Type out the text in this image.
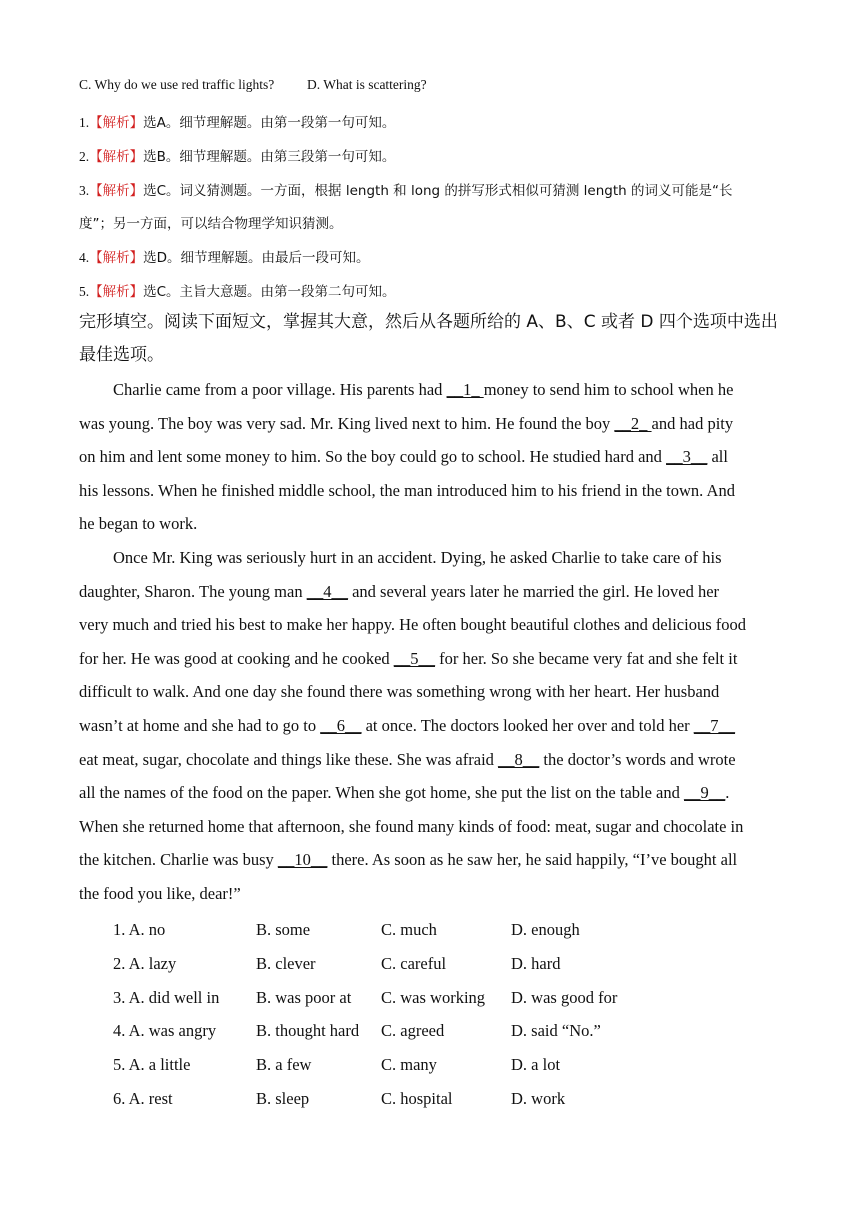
C. Why do we use red traffic lights? D. What is scattering?
1.【解析】选A。细节理解题。由第一段第一句可知。
2.【解析】选B。细节理解题。由第三段第一句可知。
3.【解析】选C。词义猜测题。一方面，根据 length 和 long 的拼写形式相似可猜测 length 的词义可能是“长
度”；另一方面，可以结合物理学知识猜测。
4.【解析】选D。细节理解题。由最后一段可知。
5.【解析】选C。主旨大意题。由第一段第二句可知。
完形填空。阅读下面短文，掌握其大意，然后从各题所给的 A、B、C 或者 D 四个选项中选出
最佳选项。
Charlie came from a poor village. His parents had __1_ money to send him to school when he
was young. The boy was very sad. Mr. King lived next to him. He found the boy __2_ and had pity
on him and lent some money to him. So the boy could go to school. He studied hard and __3__ all
his lessons. When he finished middle school, the man introduced him to his friend in the town. And
he began to work.
Once Mr. King was seriously hurt in an accident. Dying, he asked Charlie to take care of his
daughter, Sharon. The young man __4__ and several years later he married the girl. He loved her
very much and tried his best to make her happy. He often bought beautiful clothes and delicious food
for her. He was good at cooking and he cooked __5__ for her. So she became very fat and she felt it
difficult to walk. And one day she found there was something wrong with her heart. Her husband
wasn’t at home and she had to go to __6__ at once. The doctors looked her over and told her __7__
eat meat, sugar, chocolate and things like these. She was afraid __8__ the doctor’s words and wrote
all the names of the food on the paper. When she got home, she put the list on the table and __9__.
When she returned home that afternoon, she found many kinds of food: meat, sugar and chocolate in
the kitchen. Charlie was busy __10__ there. As soon as he saw her, he said happily, “I’ve bought all
the food you like, dear!”
1. A. no	B. some	C. much	D. enough
2. A. lazy	B. clever	C. careful	D. hard
3. A. did well in B. was poor at C. was working D. was good for
4. A. was angry B. thought hard C. agreed	D. said “No.”
5. A. a little	B. a few	C. many	D. a lot
6. A. rest	B. sleep	C. hospital	D. work
